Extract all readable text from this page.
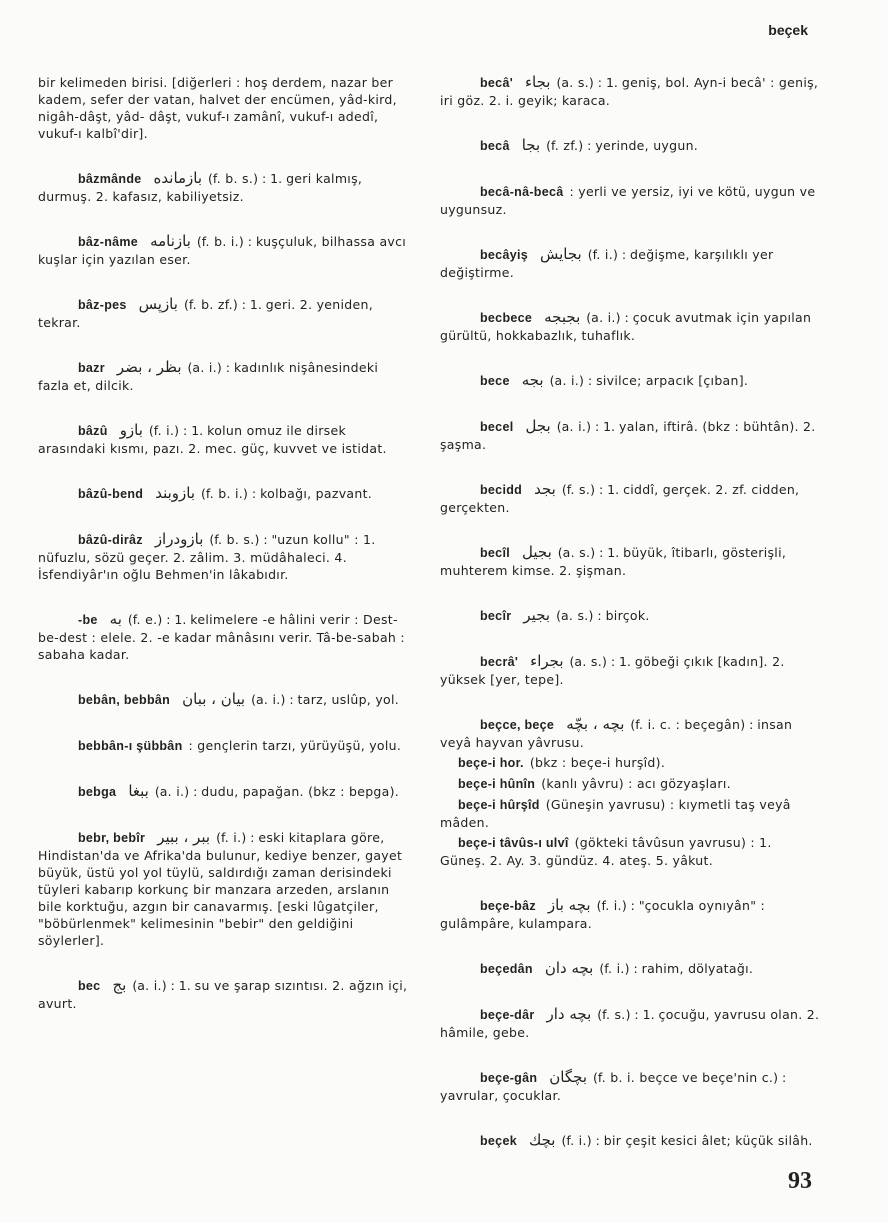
beçek

bir kelimeden birisi. [diğerleri : hoş derdem, nazar ber kadem, sefer der vatan, halvet der encümen, yâd-kird, nigâh-dâşt, yâd- dâşt, vukuf-ı zamânî, vukuf-ı adedî, vukuf-ı kalbî'dir].

bâzmânde بازمانده (f. b. s.) : 1. geri kalmış, durmuş. 2. kafasız, kabiliyetsiz.

bâz-nâme بازنامه (f. b. i.) : kuşçuluk, bilhassa avcı kuşlar için yazılan eser.

bâz-pes بازپس (f. b. zf.) : 1. geri. 2. yeniden, tekrar.

bazr بظر ، بضر (a. i.) : kadınlık nişânesindeki fazla et, dilcik.

bâzû بازو (f. i.) : 1. kolun omuz ile dirsek arasındaki kısmı, pazı. 2. mec. güç, kuvvet ve istidat.

bâzû-bend بازوبند (f. b. i.) : kolbağı, pazvant.

bâzû-dirâz بازودراز (f. b. s.) : "uzun kollu" : 1. nüfuzlu, sözü geçer. 2. zâlim. 3. müdâhaleci. 4. İsfendiyâr'ın oğlu Behmen'in lâkabıdır.

-be به (f. e.) : 1. kelimelere -e hâlini verir : Dest-be-dest : elele. 2. -e kadar mânâsını verir. Tâ-be-sabah : sabaha kadar.

bebân, bebbân بيان ، ببان (a. i.) : tarz, uslûp, yol.

bebbân-ı şübbân : gençlerin tarzı, yürüyüşü, yolu.

bebga ببغا (a. i.) : dudu, papağan. (bkz : bepga).

bebr, bebîr ببر ، ببير (f. i.) : eski kitaplara göre, Hindistan'da ve Afrika'da bulunur, kediye benzer, gayet büyük, üstü yol yol tüylü, saldırdığı zaman derisindeki tüyleri kabarıp korkunç bir manzara arzeden, arslanın bile korktuğu, azgın bir canavarmış. [eski lûgatçiler, "böbürlenmek" kelimesinin "bebir" den geldiğini söylerler].

bec بج (a. i.) : 1. su ve şarap sızıntısı. 2. ağzın içi, avurt.

becâ' بجاء (a. s.) : 1. geniş, bol. Ayn-i becâ' : geniş, iri göz. 2. i. geyik; karaca.

becâ بجا (f. zf.) : yerinde, uygun.

becâ-nâ-becâ : yerli ve yersiz, iyi ve kötü, uygun ve uygunsuz.

becâyiş بجايش (f. i.) : değişme, karşılıklı yer değiştirme.

becbece بجبجه (a. i.) : çocuk avutmak için yapılan gürültü, hokkabazlık, tuhaflık.

bece بجه (a. i.) : sivilce; arpacık [çıban].

becel بجل (a. i.) : 1. yalan, iftirâ. (bkz : bühtân). 2. şaşma.

becidd بجد (f. s.) : 1. ciddî, gerçek. 2. zf. cidden, gerçekten.

becîl بجيل (a. s.) : 1. büyük, îtibarlı, gösterişli, muhterem kimse. 2. şişman.

becîr بجير (a. s.) : birçok.

becrâ' بجراء (a. s.) : 1. göbeği çıkık [kadın]. 2. yüksek [yer, tepe].

beçce, beçe بچه ، بچّه (f. i. c. : beçegân) : insan veyâ hayvan yâvrusu.

beçe-i hor. (bkz : beçe-i hurşîd).

beçe-i hûnîn (kanlı yâvru) : acı gözyaşları.

beçe-i hûrşîd (Güneşin yavrusu) : kıymetli taş veyâ mâden.

beçe-i tâvûs-ı ulvî (gökteki tâvûsun yavrusu) : 1. Güneş. 2. Ay. 3. gündüz. 4. ateş. 5. yâkut.

beçe-bâz بچه باز (f. i.) : "çocukla oynıyân" : gulâmpâre, kulampara.

beçedân بچه دان (f. i.) : rahim, dölyatağı.

beçe-dâr بچه دار (f. s.) : 1. çocuğu, yavrusu olan. 2. hâmile, gebe.

beçe-gân بچگان (f. b. i. beçce ve beçe'nin c.) : yavrular, çocuklar.

beçek بچك (f. i.) : bir çeşit kesici âlet; küçük silâh.

93
